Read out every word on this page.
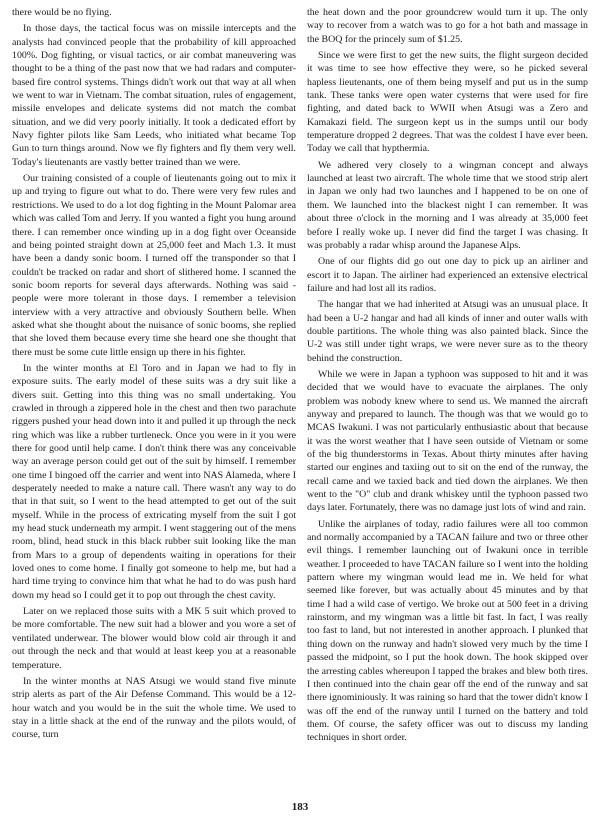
there would be no flying.

In those days, the tactical focus was on missile intercepts and the analysts had convinced people that the probability of kill approached 100%. Dog fighting, or visual tactics, or air combat maneuvering was thought to be a thing of the past now that we had radars and computer-based fire control systems. Things didn't work out that way at all when we went to war in Vietnam. The combat situation, rules of engagement, missile envelopes and delicate systems did not match the combat situation, and we did very poorly initially. It took a dedicated effort by Navy fighter pilots like Sam Leeds, who initiated what became Top Gun to turn things around. Now we fly fighters and fly them very well. Today's lieutenants are vastly better trained than we were.

Our training consisted of a couple of lieutenants going out to mix it up and trying to figure out what to do. There were very few rules and restrictions. We used to do a lot dog fighting in the Mount Palomar area which was called Tom and Jerry. If you wanted a fight you hung around there. I can remember once winding up in a dog fight over Oceanside and being pointed straight down at 25,000 feet and Mach 1.3. It must have been a dandy sonic boom. I turned off the transponder so that I couldn't be tracked on radar and short of slithered home. I scanned the sonic boom reports for several days afterwards. Nothing was said - people were more tolerant in those days. I remember a television interview with a very attractive and obviously Southern belle. When asked what she thought about the nuisance of sonic booms, she replied that she loved them because every time she heard one she thought that there must be some cute little ensign up there in his fighter.

In the winter months at El Toro and in Japan we had to fly in exposure suits. The early model of these suits was a dry suit like a divers suit. Getting into this thing was no small undertaking. You crawled in through a zippered hole in the chest and then two parachute riggers pushed your head down into it and pulled it up through the neck ring which was like a rubber turtleneck. Once you were in it you were there for good until help came. I don't think there was any conceivable way an average person could get out of the suit by himself. I remember one time I bingoed off the carrier and went into NAS Alameda, where I desperately needed to make a nature call. There wasn't any way to do that in that suit, so I went to the head attempted to get out of the suit myself. While in the process of extricating myself from the suit I got my head stuck underneath my armpit. I went staggering out of the mens room, blind, head stuck in this black rubber suit looking like the man from Mars to a group of dependents waiting in operations for their loved ones to come home. I finally got someone to help me, but had a hard time trying to convince him that what he had to do was push hard down my head so I could get it to pop out through the chest cavity.

Later on we replaced those suits with a MK 5 suit which proved to be more comfortable. The new suit had a blower and you wore a set of ventilated underwear. The blower would blow cold air through it and out through the neck and that would at least keep you at a reasonable temperature.

In the winter months at NAS Atsugi we would stand five minute strip alerts as part of the Air Defense Command. This would be a 12-hour watch and you would be in the suit the whole time. We used to stay in a little shack at the end of the runway and the pilots would, of course, turn

the heat down and the poor groundcrew would turn it up. The only way to recover from a watch was to go for a hot bath and massage in the BOQ for the princely sum of $1.25.

Since we were first to get the new suits, the flight surgeon decided it was time to see how effective they were, so he picked several hapless lieutenants, one of them being myself and put us in the sump tank. These tanks were open water cysterns that were used for fire fighting, and dated back to WWII when Atsugi was a Zero and Kamakazi field. The surgeon kept us in the sumps until our body temperature dropped 2 degrees. That was the coldest I have ever been. Today we call that hypthermia.

We adhered very closely to a wingman concept and always launched at least two aircraft. The whole time that we stood strip alert in Japan we only had two launches and I happened to be on one of them. We launched into the blackest night I can remember. It was about three o'clock in the morning and I was already at 35,000 feet before I really woke up. I never did find the target I was chasing. It was probably a radar whisp around the Japanese Alps.

One of our flights did go out one day to pick up an airliner and escort it to Japan. The airliner had experienced an extensive electrical failure and had lost all its radios.

The hangar that we had inherited at Atsugi was an unusual place. It had been a U-2 hangar and had all kinds of inner and outer walls with double partitions. The whole thing was also painted black. Since the U-2 was still under tight wraps, we were never sure as to the theory behind the construction.

While we were in Japan a typhoon was supposed to hit and it was decided that we would have to evacuate the airplanes. The only problem was nobody knew where to send us. We manned the aircraft anyway and prepared to launch. The though was that we would go to MCAS Iwakuni. I was not particularly enthusiastic about that because it was the worst weather that I have seen outside of Vietnam or some of the big thunderstorms in Texas. About thirty minutes after having started our engines and taxiing out to sit on the end of the runway, the recall came and we taxied back and tied down the airplanes. We then went to the "O" club and drank whiskey until the typhoon passed two days later. Fortunately, there was no damage just lots of wind and rain.

Unlike the airplanes of today, radio failures were all too common and normally accompanied by a TACAN failure and two or three other evil things. I remember launching out of Iwakuni once in terrible weather. I proceeded to have TACAN failure so I went into the holding pattern where my wingman would lead me in. We held for what seemed like forever, but was actually about 45 minutes and by that time I had a wild case of vertigo. We broke out at 500 feet in a driving rainstorm, and my wingman was a little bit fast. In fact, I was really too fast to land, but not interested in another approach. I plunked that thing down on the runway and hadn't slowed very much by the time I passed the midpoint, so I put the hook down. The hook skipped over the arresting cables whereupon I tapped the brakes and blew both tires. I then continued into the chain gear off the end of the runway and sat there ignominiously. It was raining so hard that the tower didn't know I was off the end of the runway until I turned on the battery and told them. Of course, the safety officer was out to discuss my landing techniques in short order.

183
